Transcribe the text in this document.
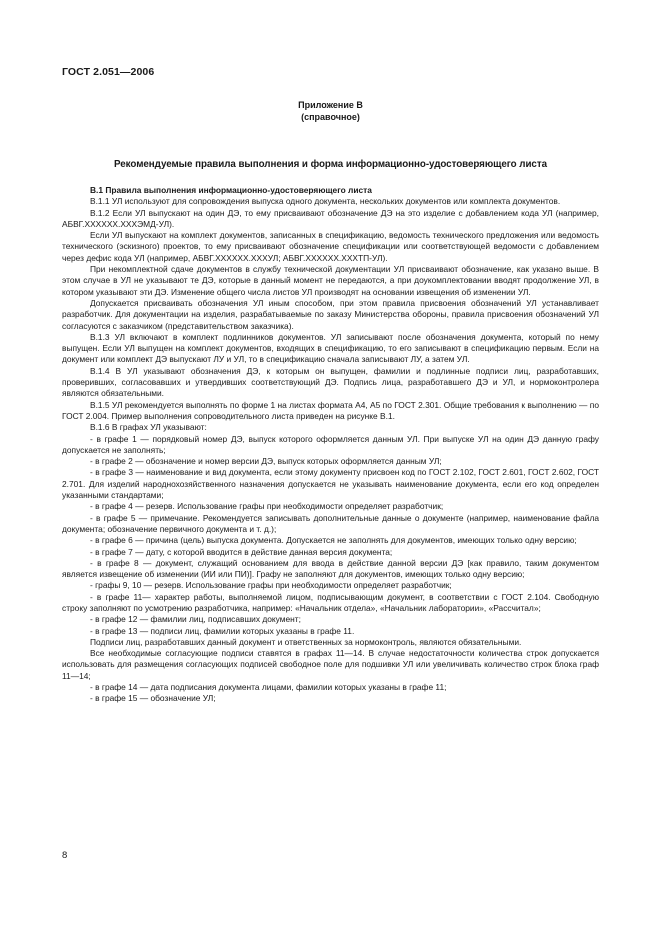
ГОСТ 2.051—2006
Приложение В
(справочное)
Рекомендуемые правила выполнения и форма информационно-удостоверяющего листа

В.1 Правила выполнения информационно-удостоверяющего листа

В.1.1 УЛ используют для сопровождения выпуска одного документа, нескольких документов или комплекта документов.

В.1.2 Если УЛ выпускают на один ДЭ, то ему присваивают обозначение ДЭ на это изделие с добавлением кода УЛ (например, АБВГ.XXXXXX.XXXЭМД-УЛ).

Если УЛ выпускают на комплект документов, записанных в спецификацию, ведомость технического предложения или ведомость технического (эскизного) проектов, то ему присваивают обозначение спецификации или соответствующей ведомости с добавлением через дефис кода УЛ (например, АБВГ.XXXXXX.XXXУЛ; АБВГ.XXXXXX.XXXТП-УЛ).

При некомплектной сдаче документов в службу технической документации УЛ присваивают обозначение, как указано выше. В этом случае в УЛ не указывают те ДЭ, которые в данный момент не передаются, а при доукомплектовании вводят продолжение УЛ, в котором указывают эти ДЭ. Изменение общего числа листов УЛ производят на основании извещения об изменении УЛ.

Допускается присваивать обозначения УЛ иным способом, при этом правила присвоения обозначений УЛ устанавливает разработчик. Для документации на изделия, разрабатываемые по заказу Министерства обороны, правила присвоения обозначений УЛ согласуются с заказчиком (представительством заказчика).

В.1.3 УЛ включают в комплект подлинников документов. УЛ записывают после обозначения документа, который по нему выпущен. Если УЛ выпущен на комплект документов, входящих в спецификацию, то его записывают в спецификацию первым. Если на документ или комплект ДЭ выпускают ЛУ и УЛ, то в спецификацию сначала записывают ЛУ, а затем УЛ.

В.1.4 В УЛ указывают обозначения ДЭ, к которым он выпущен, фамилии и подлинные подписи лиц, разработавших, проверивших, согласовавших и утвердивших соответствующий ДЭ. Подпись лица, разработавшего ДЭ и УЛ, и нормоконтролера являются обязательными.

В.1.5 УЛ рекомендуется выполнять по форме 1 на листах формата А4, А5 по ГОСТ 2.301. Общие требования к выполнению — по ГОСТ 2.004. Пример выполнения сопроводительного листа приведен на рисунке В.1.

В.1.6 В графах УЛ указывают:

- в графе 1 — порядковый номер ДЭ, выпуск которого оформляется данным УЛ. При выпуске УЛ на один ДЭ данную графу допускается не заполнять;

- в графе 2 — обозначение и номер версии ДЭ, выпуск которых оформляется данным УЛ;

- в графе 3 — наименование и вид документа, если этому документу присвоен код по ГОСТ 2.102, ГОСТ 2.601, ГОСТ 2.602, ГОСТ 2.701. Для изделий народнохозяйственного назначения допускается не указывать наименование документа, если его код определен указанными стандартами;

- в графе 4 — резерв. Использование графы при необходимости определяет разработчик;

- в графе 5 — примечание. Рекомендуется записывать дополнительные данные о документе (например, наименование файла документа; обозначение первичного документа и т. д.);

- в графе 6 — причина (цель) выпуска документа. Допускается не заполнять для документов, имеющих только одну версию;

- в графе 7 — дату, с которой вводится в действие данная версия документа;

- в графе 8 — документ, служащий основанием для ввода в действие данной версии ДЭ [как правило, таким документом является извещение об изменении (ИИ или ПИ)]. Графу не заполняют для документов, имеющих только одну версию;

- графы 9, 10 — резерв. Использование графы при необходимости определяет разработчик;

- в графе 11— характер работы, выполняемой лицом, подписывающим документ, в соответствии с ГОСТ 2.104. Свободную строку заполняют по усмотрению разработчика, например: «Начальник отдела», «Начальник лаборатории», «Рассчитал»;

- в графе 12 — фамилии лиц, подписавших документ;

- в графе 13 — подписи лиц, фамилии которых указаны в графе 11.

Подписи лиц, разработавших данный документ и ответственных за нормоконтроль, являются обязательными.

Все необходимые согласующие подписи ставятся в графах 11—14. В случае недостаточности количества строк допускается использовать для размещения согласующих подписей свободное поле для подшивки УЛ или увеличивать количество строк блока граф 11—14;

- в графе 14 — дата подписания документа лицами, фамилии которых указаны в графе 11;

- в графе 15 — обозначение УЛ;

8
